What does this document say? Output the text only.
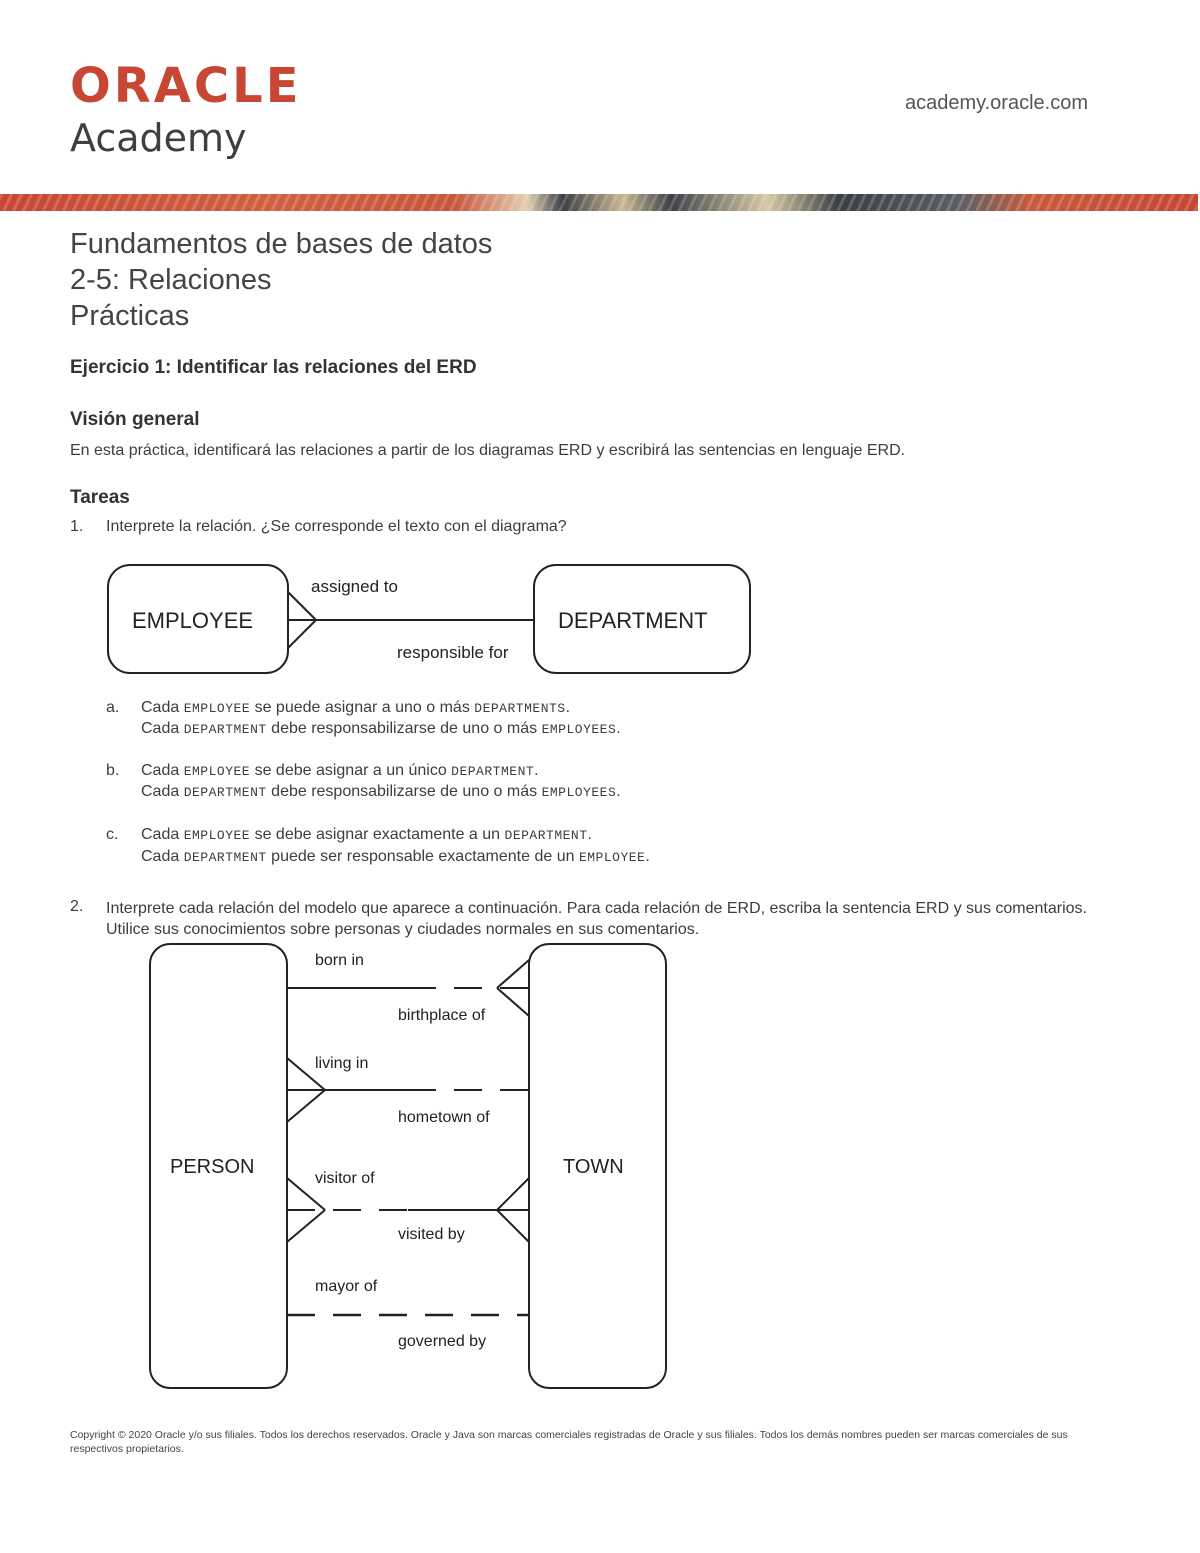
ORACLE
Academy
academy.oracle.com
Fundamentos de bases de datos
2-5: Relaciones
Prácticas
Ejercicio 1: Identificar las relaciones del ERD
Visión general
En esta práctica, identificará las relaciones a partir de los diagramas ERD y escribirá las sentencias en lenguaje ERD.
Tareas
1. Interprete la relación. ¿Se corresponde el texto con el diagrama?
EMPLOYEE	DEPARTMENT
assigned to
responsible for
a. Cada EMPLOYEE se puede asignar a uno o más DEPARTMENTS.
Cada DEPARTMENT debe responsabilizarse de uno o más EMPLOYEES.
b. Cada EMPLOYEE se debe asignar a un único DEPARTMENT.
Cada DEPARTMENT debe responsabilizarse de uno o más EMPLOYEES.
c. Cada EMPLOYEE se debe asignar exactamente a un DEPARTMENT.
Cada DEPARTMENT puede ser responsable exactamente de un EMPLOYEE.
2. Interprete cada relación del modelo que aparece a continuación. Para cada relación de ERD, escriba la sentencia ERD y sus comentarios. Utilice sus conocimientos sobre personas y ciudades normales en sus comentarios.
PERSON	TOWN
born in
birthplace of
living in
hometown of
visitor of
visited by
mayor of
governed by
Copyright © 2020 Oracle y/o sus filiales. Todos los derechos reservados. Oracle y Java son marcas comerciales registradas de Oracle y sus filiales. Todos los demás nombres pueden ser marcas comerciales de sus respectivos propietarios.
